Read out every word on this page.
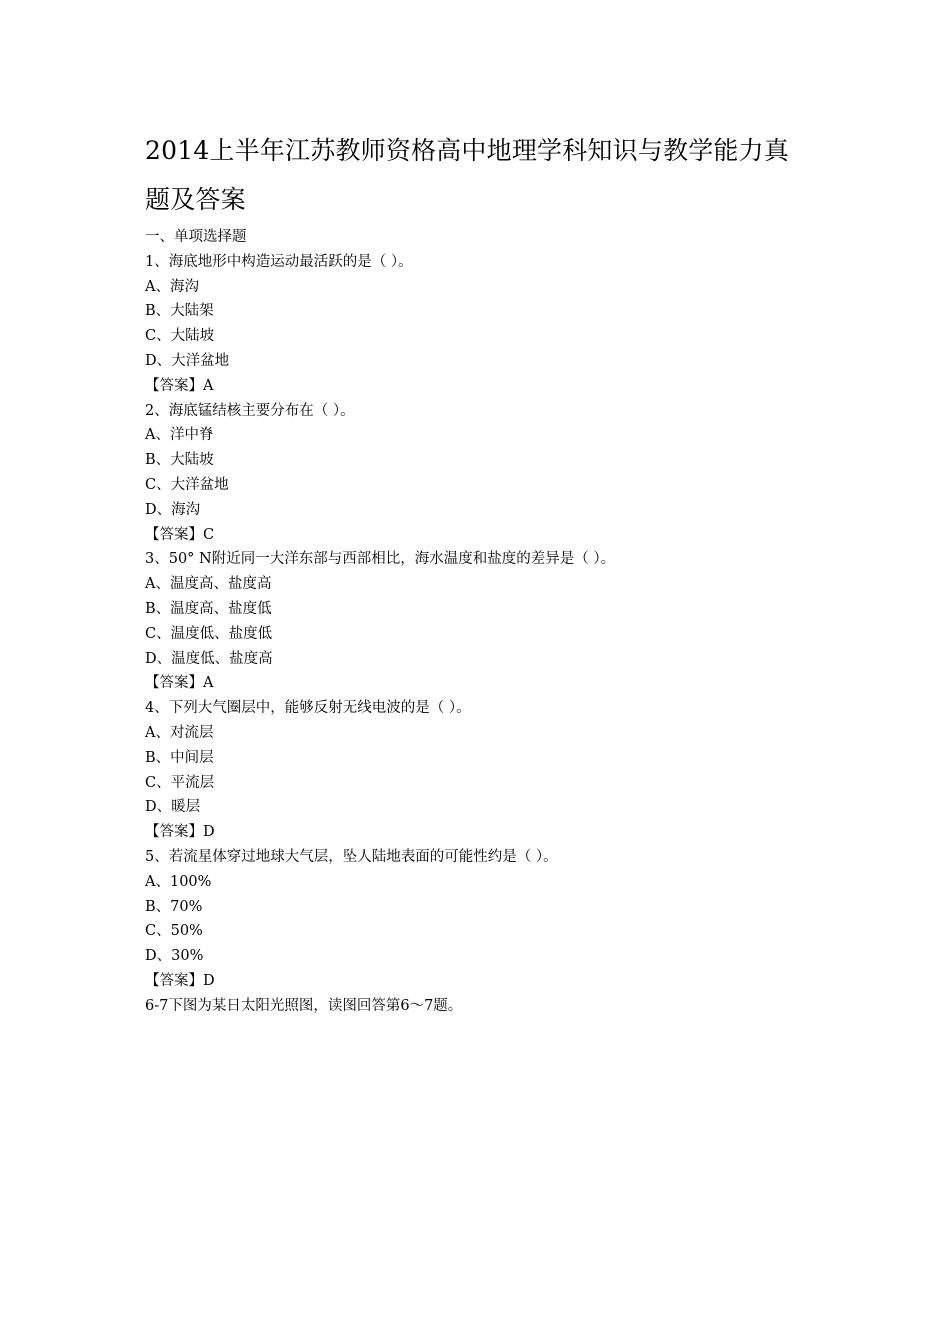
2014上半年江苏教师资格高中地理学科知识与教学能力真
题及答案
一、单项选择题
1、海底地形中构造运动最活跃的是（ ）。
A、海沟
B、大陆架
C、大陆坡
D、大洋盆地
【答案】A
2、海底锰结核主要分布在（ ）。
A、洋中脊
B、大陆坡
C、大洋盆地
D、海沟
【答案】C
3、50° N附近同一大洋东部与西部相比，海水温度和盐度的差异是（ ）。
A、温度高、盐度高
B、温度高、盐度低
C、温度低、盐度低
D、温度低、盐度高
【答案】A
4、下列大气圈层中，能够反射无线电波的是（ ）。
A、对流层
B、中间层
C、平流层
D、暖层
【答案】D
5、若流星体穿过地球大气层，坠人陆地表面的可能性约是（ ）。
A、100%
B、70%
C、50%
D、30%
【答案】D
6-7下图为某日太阳光照图，读图回答第6～7题。
